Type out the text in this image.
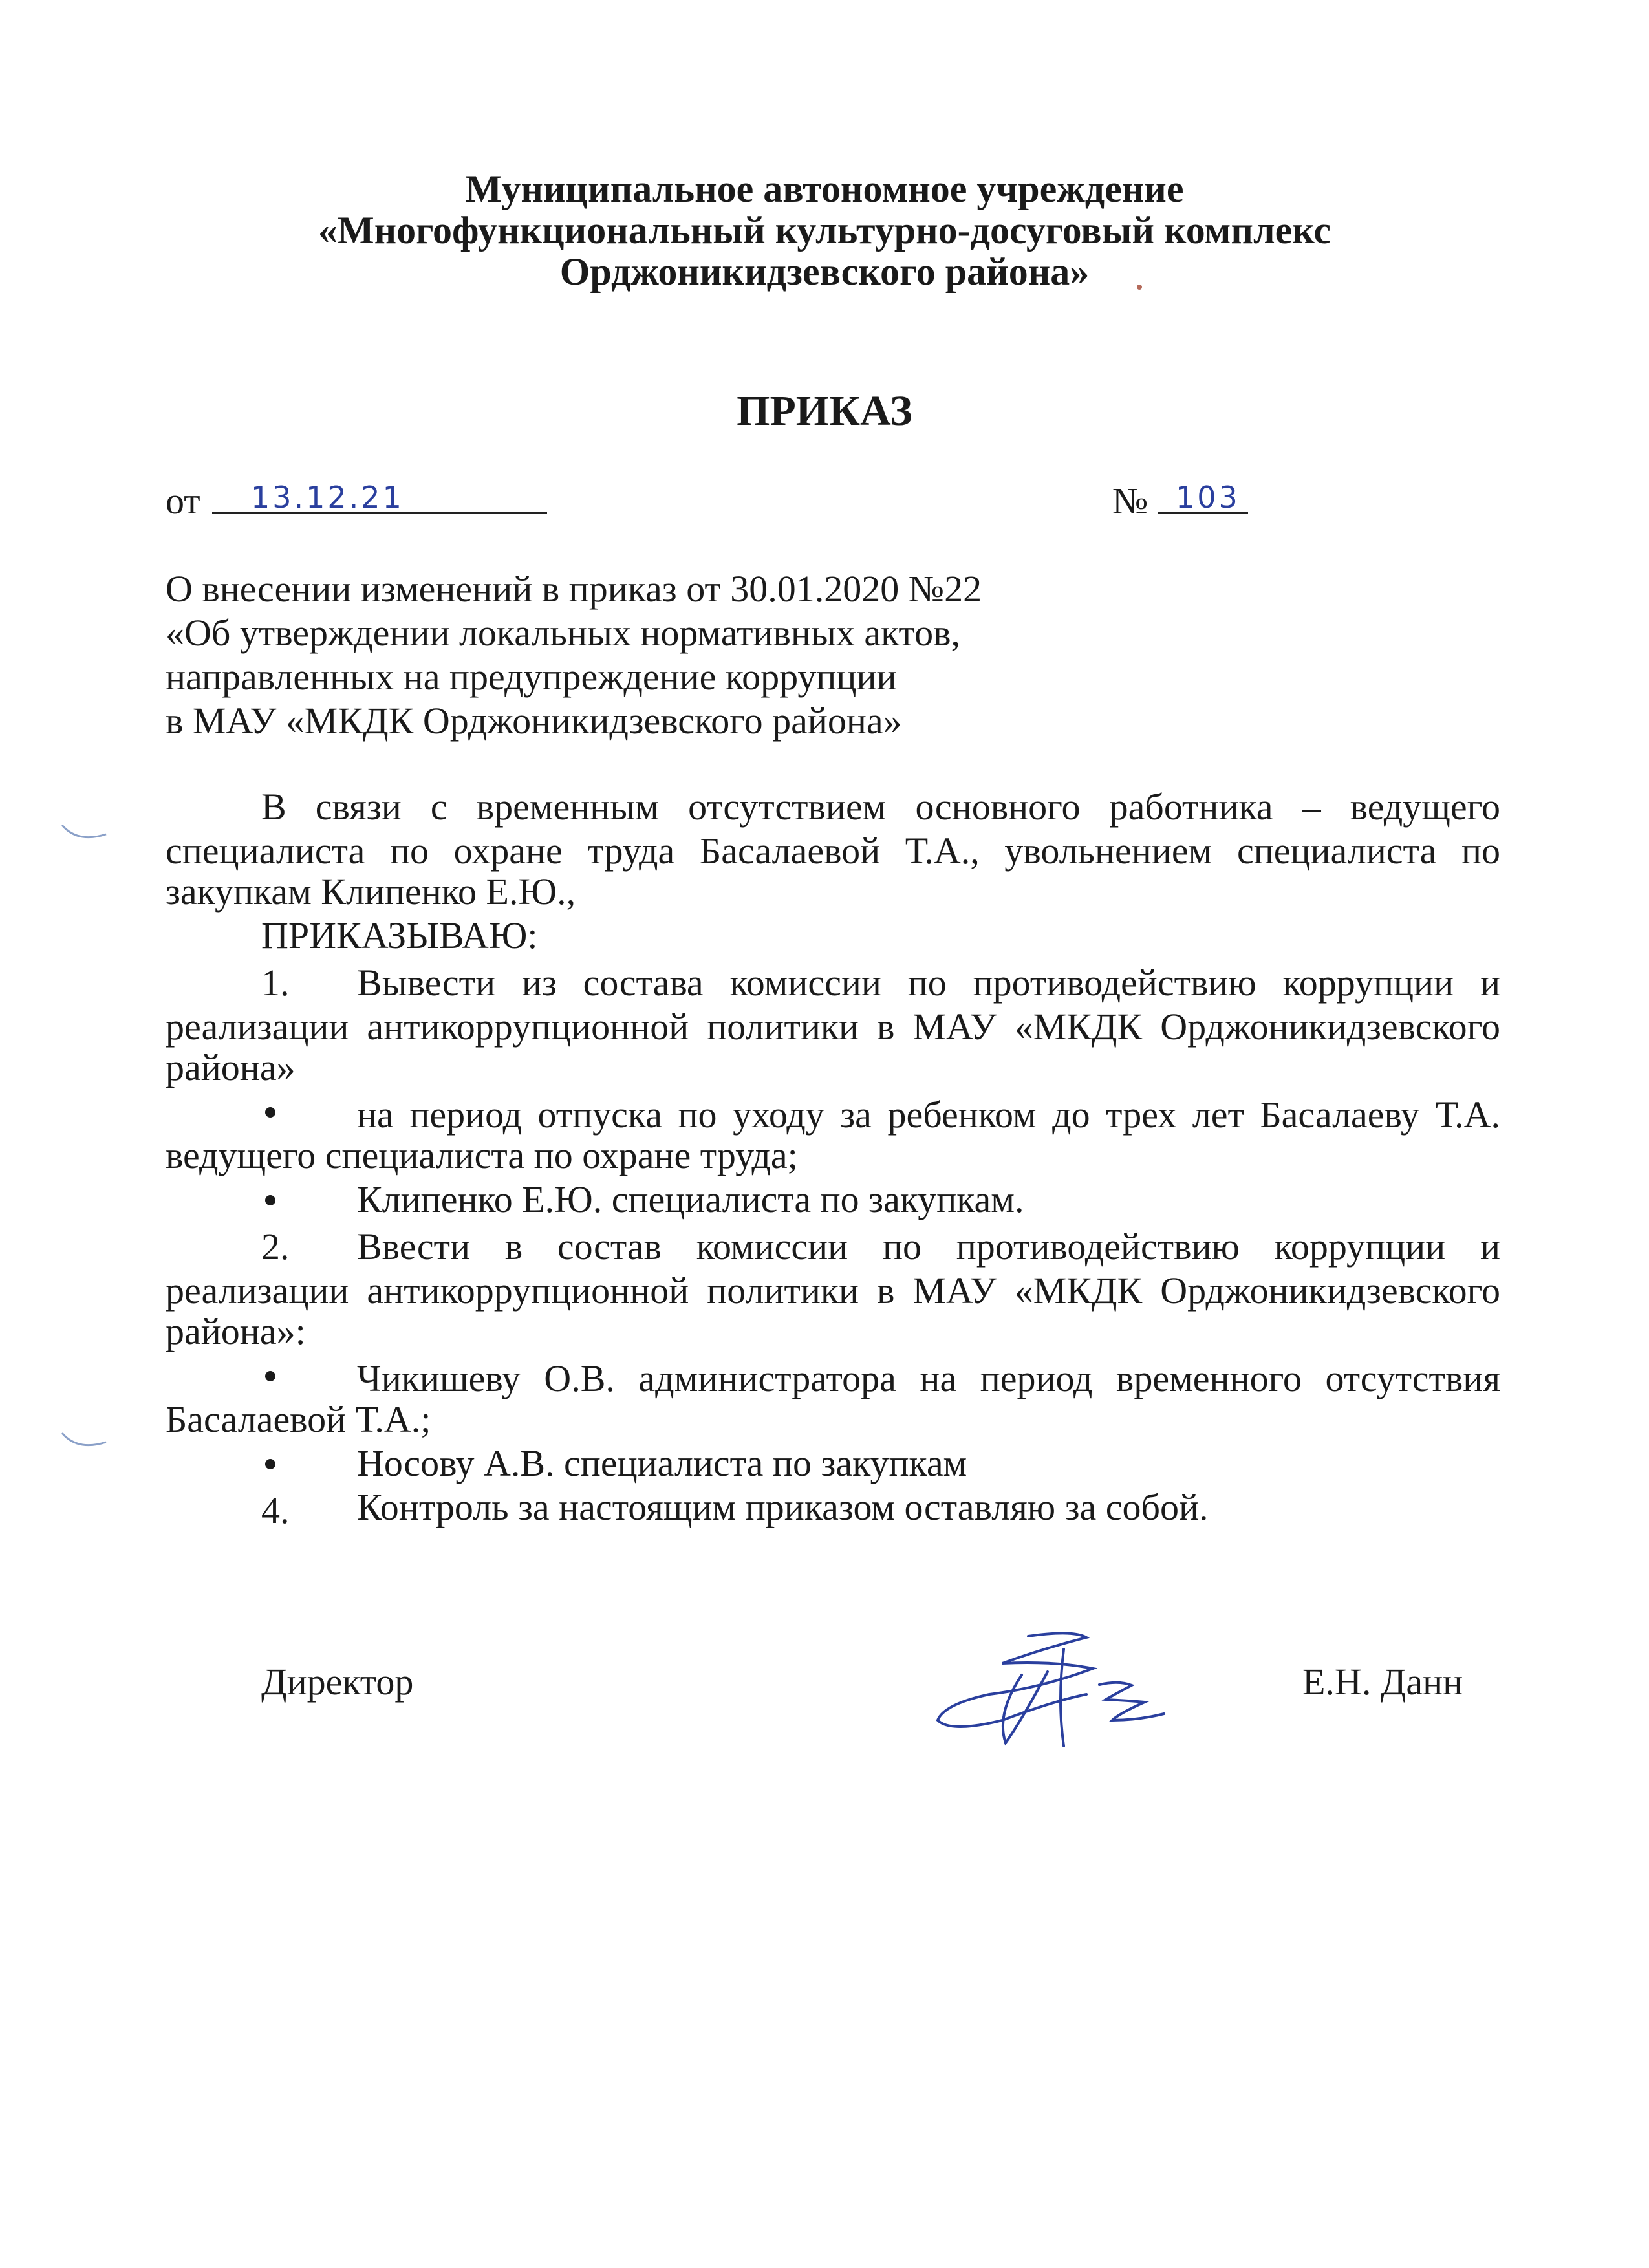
Муниципальное автономное учреждение
«Многофункциональный культурно-досуговый комплекс
Орджоникидзевского района»
ПРИКАЗ
от 13.12.21	№ 103
О внесении изменений в приказ от 30.01.2020 №22
«Об утверждении локальных нормативных актов,
направленных на предупреждение коррупции
в МАУ «МКДК Орджоникидзевского района»
В связи с временным отсутствием основного работника – ведущего
специалиста по охране труда Басалаевой Т.А., увольнением специалиста по
закупкам Клипенко Е.Ю.,
ПРИКАЗЫВАЮ:
1. Вывести из состава комиссии по противодействию коррупции и
реализации антикоррупционной политики в МАУ «МКДК Орджоникидзевского
района»
на период отпуска по уходу за ребенком до трех лет Басалаеву Т.А.
ведущего специалиста по охране труда;
Клипенко Е.Ю. специалиста по закупкам.
2. Ввести в состав комиссии по противодействию коррупции и
реализации антикоррупционной политики в МАУ «МКДК Орджоникидзевского
района»:
Чикишеву О.В. администратора на период временного отсутствия
Басалаевой Т.А.;
Носову А.В. специалиста по закупкам
4. Контроль за настоящим приказом оставляю за собой.
Директор	Е.Н. Данн
